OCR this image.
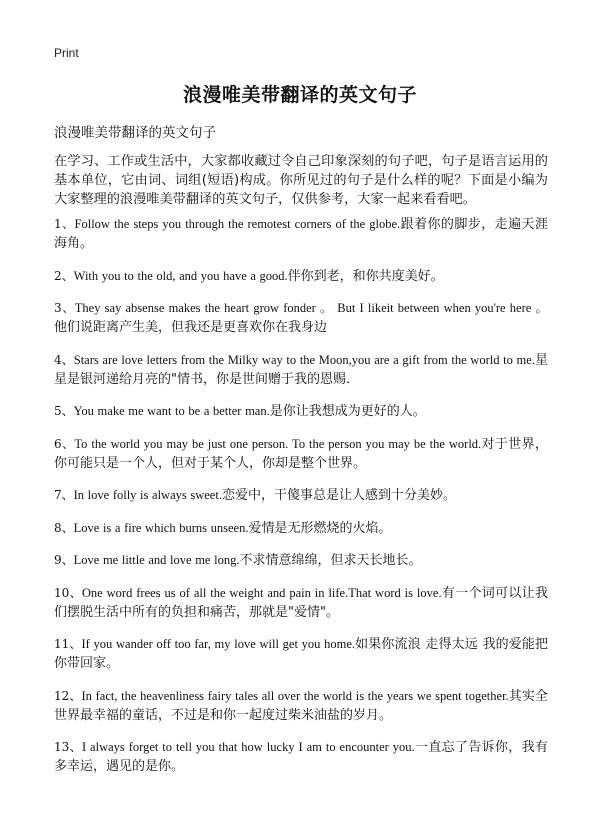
Print
浪漫唯美带翻译的英文句子
浪漫唯美带翻译的英文句子
在学习、工作或生活中，大家都收藏过令自己印象深刻的句子吧，句子是语言运用的基本单位，它由词、词组(短语)构成。你所见过的句子是什么样的呢？下面是小编为大家整理的浪漫唯美带翻译的英文句子，仅供参考，大家一起来看看吧。
1、Follow the steps you through the remotest corners of the globe.跟着你的脚步，走遍天涯海角。
2、With you to the old, and you have a good.伴你到老，和你共度美好。
3、They say absense makes the heart grow fonder 。 But I likeit between when you're here 。他们说距离产生美，但我还是更喜欢你在我身边
4、Stars are love letters from the Milky way to the Moon,you are a gift from the world to me.星星是银河递给月亮的"情书，你是世间赠于我的恩赐.
5、You make me want to be a better man.是你让我想成为更好的人。
6、To the world you may be just one person. To the person you may be the world.对于世界，你可能只是一个人，但对于某个人，你却是整个世界。
7、In love folly is always sweet.恋爱中，干傻事总是让人感到十分美妙。
8、Love is a fire which burns unseen.爱情是无形燃烧的火焰。
9、Love me little and love me long.不求情意绵绵，但求天长地长。
10、One word frees us of all the weight and pain in life.That word is love.有一个词可以让我们摆脱生活中所有的负担和痛苦，那就是"爱情"。
11、If you wander off too far, my love will get you home.如果你流浪 走得太远 我的爱能把你带回家。
12、In fact, the heavenliness fairy tales all over the world is the years we spent together.其实全世界最幸福的童话，不过是和你一起度过柴米油盐的岁月。
13、I always forget to tell you that how lucky I am to encounter you.一直忘了告诉你，我有多幸运，遇见的是你。
